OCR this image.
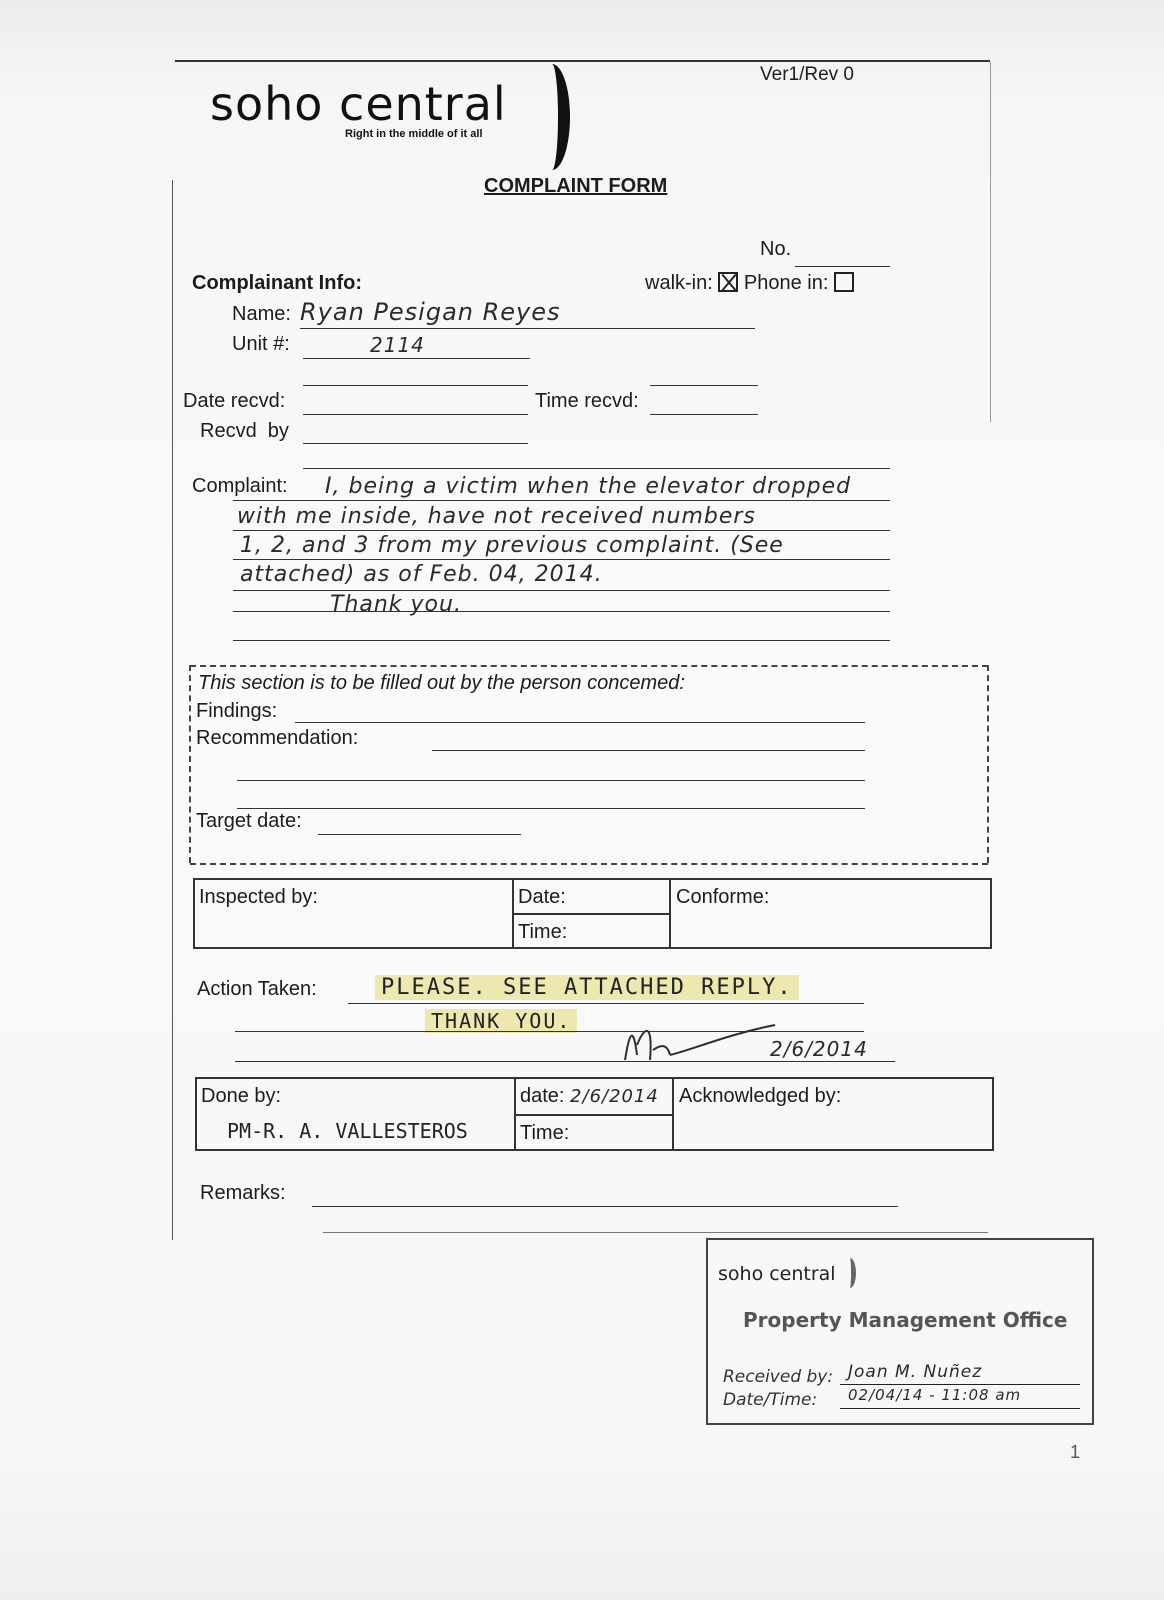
soho central
Right in the middle of it all
Ver1/Rev 0
COMPLAINT FORM
No.
Complainant Info:	walk-in: Phone in:
Name: Ryan Pesigan Reyes
Unit #:	2114
Date recvd:	Time recvd:
Recvd  by
Complaint: I, being a victim when the elevator dropped
with me inside, have not received numbers
1, 2, and 3 from my previous complaint. (See
attached) as of Feb. 04, 2014.
Thank you.
This section is to be filled out by the person concemed:
Findings:
Recommendation:
Target date:
Inspected by:	Date:
Time:
Conforme:
Action Taken:	PLEASE. SEE ATTACHED REPLY.
THANK YOU.
2/6/2014
Done by:
PM-R. A. VALLESTEROS
date: 2/6/2014
Time:
Acknowledged by:
Remarks:
soho central
Property Management Office
Received by: Joan M. Nuñez
Date/Time: 02/04/14 - 11:08 am
1
